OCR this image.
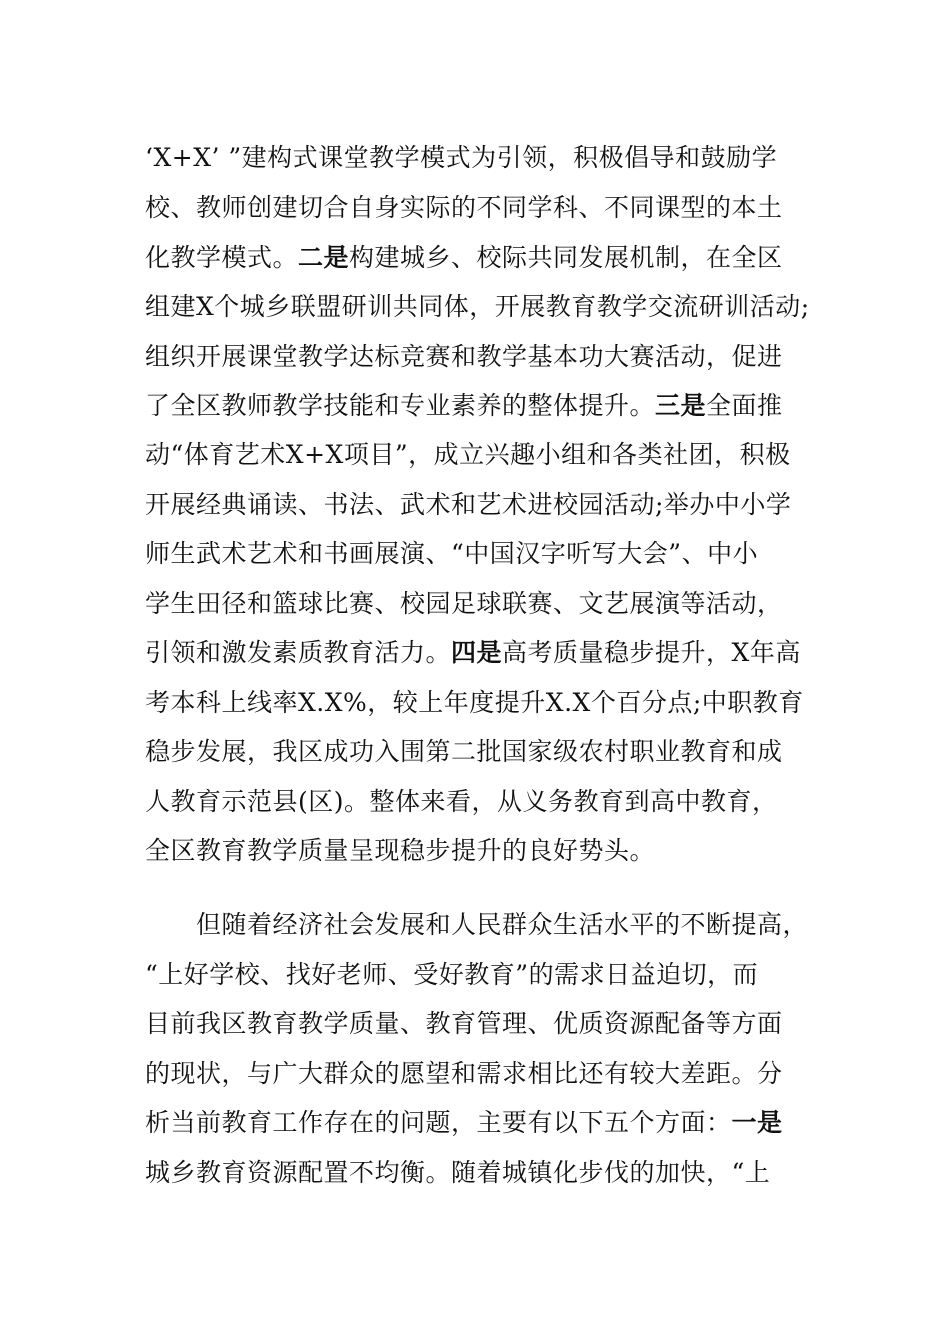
‘X+X’ ”建构式课堂教学模式为引领，积极倡导和鼓励学
校、教师创建切合自身实际的不同学科、不同课型的本土
化教学模式。二是构建城乡、校际共同发展机制，在全区
组建X个城乡联盟研训共同体，开展教育教学交流研训活动;
组织开展课堂教学达标竞赛和教学基本功大赛活动，促进
了全区教师教学技能和专业素养的整体提升。三是全面推
动“体育艺术X+X项目”，成立兴趣小组和各类社团，积极
开展经典诵读、书法、武术和艺术进校园活动;举办中小学
师生武术艺术和书画展演、“中国汉字听写大会”、中小
学生田径和篮球比赛、校园足球联赛、文艺展演等活动，
引领和激发素质教育活力。四是高考质量稳步提升，X年高
考本科上线率X.X%，较上年度提升X.X个百分点;中职教育
稳步发展，我区成功入围第二批国家级农村职业教育和成
人教育示范县(区)。整体来看，从义务教育到高中教育，
全区教育教学质量呈现稳步提升的良好势头。
　　但随着经济社会发展和人民群众生活水平的不断提高，
“上好学校、找好老师、受好教育”的需求日益迫切，而
目前我区教育教学质量、教育管理、优质资源配备等方面
的现状，与广大群众的愿望和需求相比还有较大差距。分
析当前教育工作存在的问题，主要有以下五个方面：一是
城乡教育资源配置不均衡。随着城镇化步伐的加快，“上
